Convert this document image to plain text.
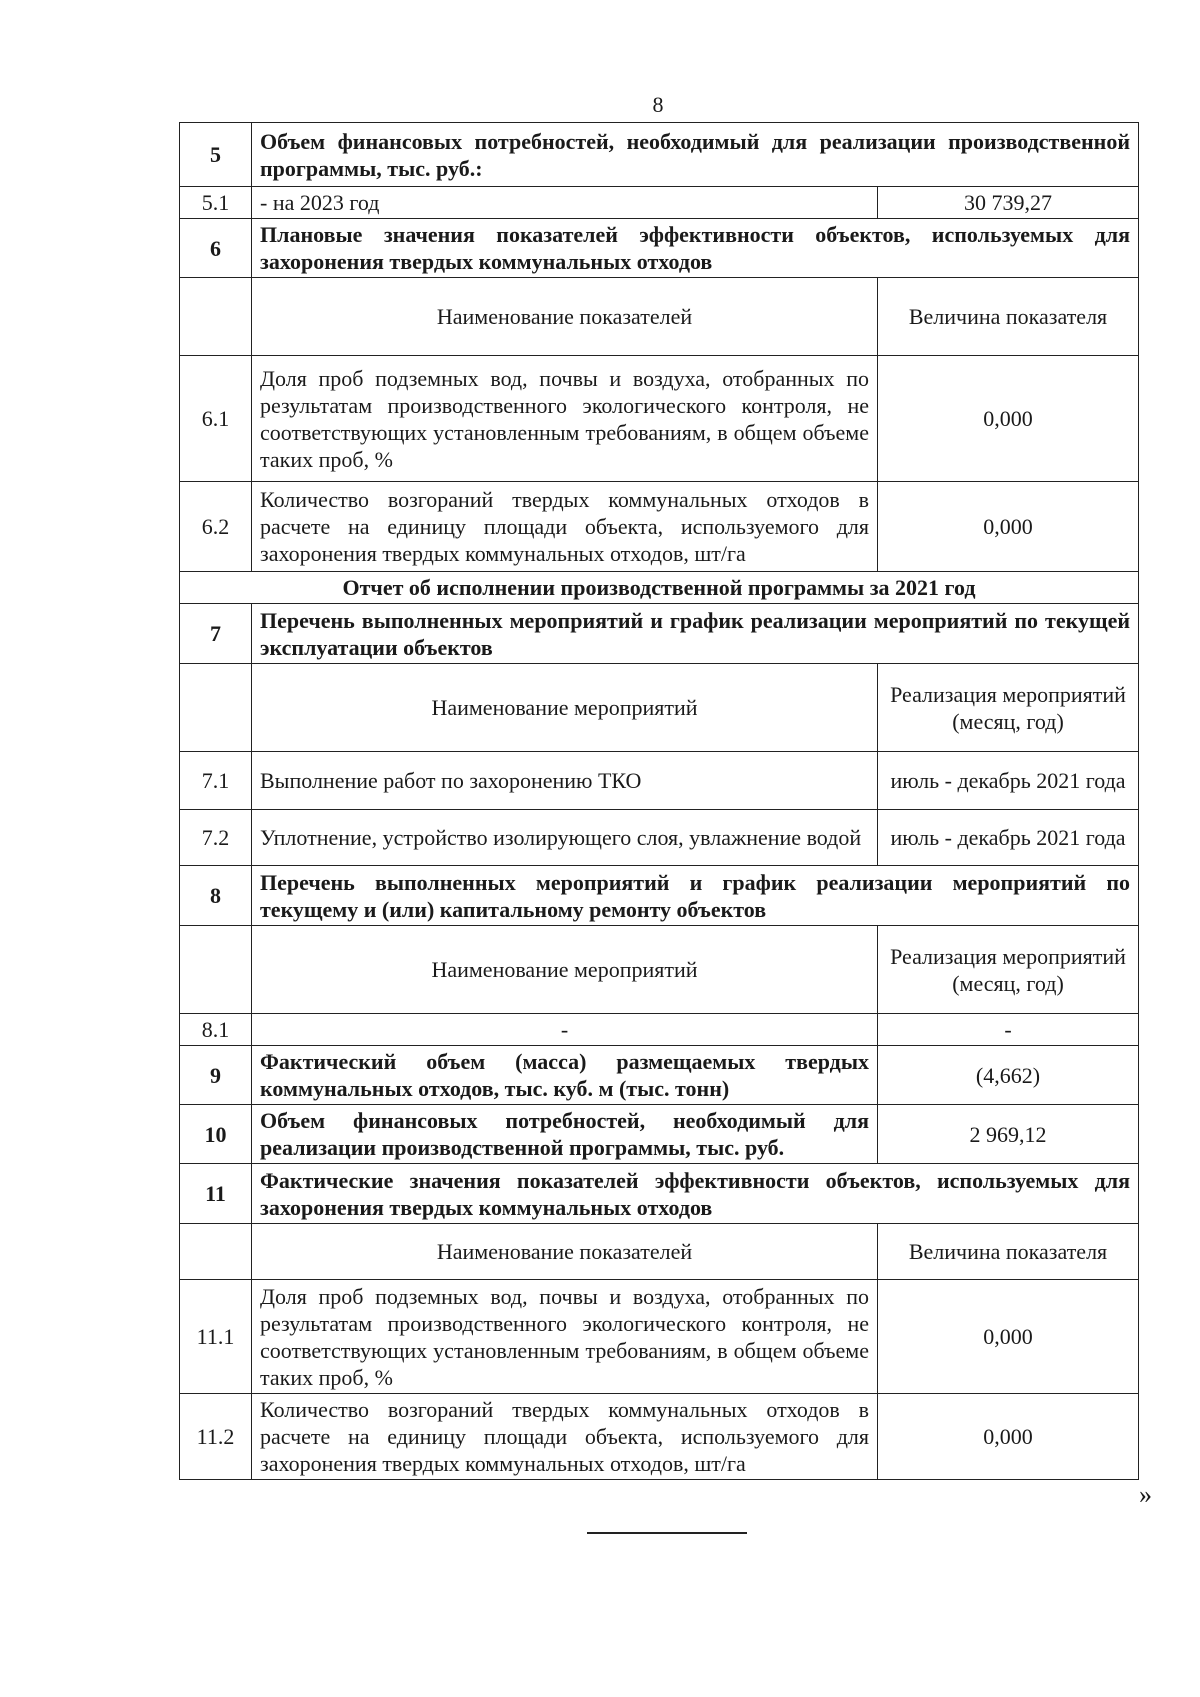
8
5	Объем финансовых потребностей, необходимый для реализации производственной программы, тыс. руб.:	
5.1	- на 2023 год	30 739,27
6	Плановые значения показателей эффективности объектов, используемых для захоронения твердых коммунальных отходов	
	Наименование показателей	Величина показателя
6.1	Доля проб подземных вод, почвы и воздуха, отобранных по результатам производственного экологического контроля, не соответствующих установленным требованиям, в общем объеме таких проб, %	0,000
6.2	Количество возгораний твердых коммунальных отходов в расчете на единицу площади объекта, используемого для захоронения твердых коммунальных отходов, шт/га	0,000
Отчет об исполнении производственной программы за 2021 год		
7	Перечень выполненных мероприятий и график реализации мероприятий по текущей эксплуатации объектов	
	Наименование мероприятий	Реализация мероприятий (месяц, год)
7.1	Выполнение работ по захоронению ТКО	июль - декабрь 2021 года
7.2	Уплотнение, устройство изолирующего слоя, увлажнение водой	июль - декабрь 2021 года
8	Перечень выполненных мероприятий и график реализации мероприятий по текущему и (или) капитальному ремонту объектов	
	Наименование мероприятий	Реализация мероприятий (месяц, год)
8.1	-	-
9	Фактический объем (масса) размещаемых твердых коммунальных отходов, тыс. куб. м (тыс. тонн)	(4,662)
10	Объем финансовых потребностей, необходимый для реализации производственной программы, тыс. руб.	2 969,12
11	Фактические значения показателей эффективности объектов, используемых для захоронения твердых коммунальных отходов	
	Наименование показателей	Величина показателя
11.1	Доля проб подземных вод, почвы и воздуха, отобранных по результатам производственного экологического контроля, не соответствующих установленным требованиям, в общем объеме таких проб, %	0,000
11.2	Количество возгораний твердых коммунальных отходов в расчете на единицу площади объекта, используемого для захоронения твердых коммунальных отходов, шт/га	0,000
»
